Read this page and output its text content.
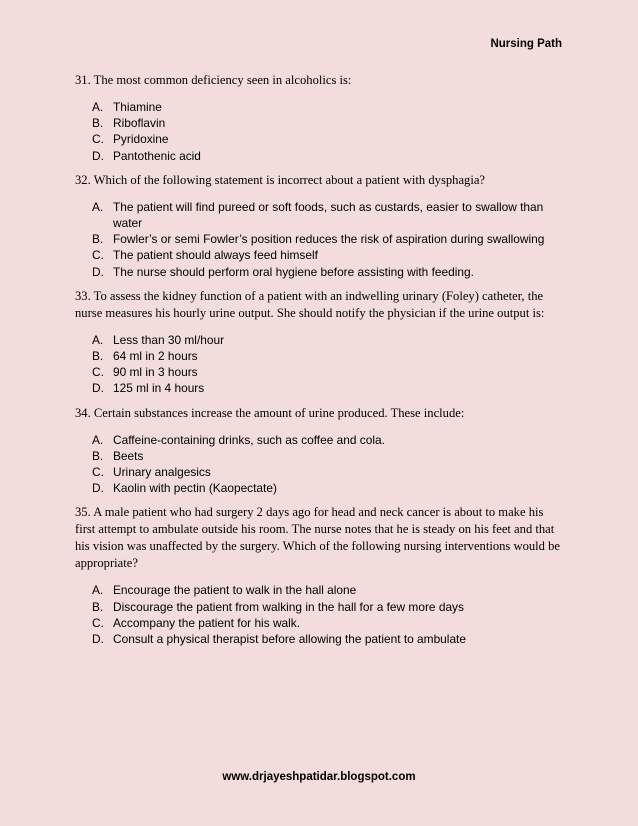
Nursing Path

31. The most common deficiency seen in alcoholics is:

A. Thiamine
B. Riboflavin
C. Pyridoxine
D. Pantothenic acid

32. Which of the following statement is incorrect about a patient with dysphagia?

A. The patient will find pureed or soft foods, such as custards, easier to swallow than water
B. Fowler’s or semi Fowler’s position reduces the risk of aspiration during swallowing
C. The patient should always feed himself
D. The nurse should perform oral hygiene before assisting with feeding.

33. To assess the kidney function of a patient with an indwelling urinary (Foley) catheter, the nurse measures his hourly urine output. She should notify the physician if the urine output is:

A. Less than 30 ml/hour
B. 64 ml in 2 hours
C. 90 ml in 3 hours
D. 125 ml in 4 hours

34. Certain substances increase the amount of urine produced. These include:

A. Caffeine-containing drinks, such as coffee and cola.
B. Beets
C. Urinary analgesics
D. Kaolin with pectin (Kaopectate)

35. A male patient who had surgery 2 days ago for head and neck cancer is about to make his first attempt to ambulate outside his room. The nurse notes that he is steady on his feet and that his vision was unaffected by the surgery. Which of the following nursing interventions would be appropriate?

A. Encourage the patient to walk in the hall alone
B. Discourage the patient from walking in the hall for a few more days
C. Accompany the patient for his walk.
D. Consult a physical therapist before allowing the patient to ambulate
www.drjayeshpatidar.blogspot.com
